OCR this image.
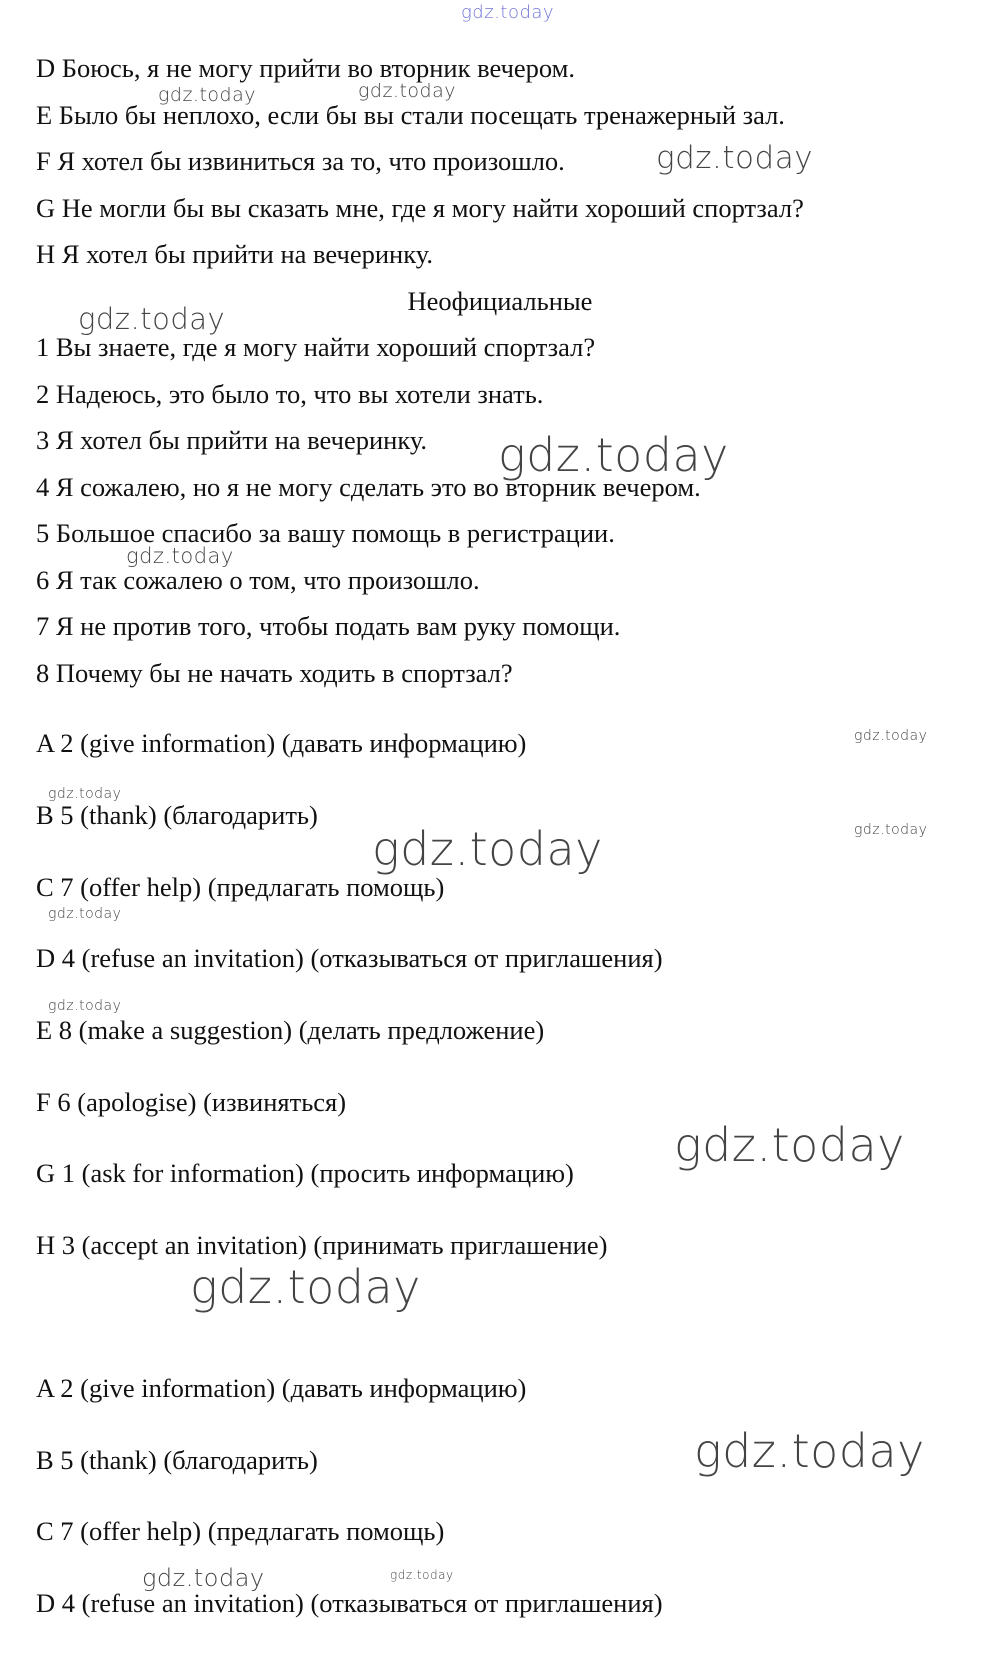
gdz.today
gdz.today	gdz.today
gdz.today
gdz.today
gdz.today
gdz.today
gdz.today
gdz.today
gdz.today
gdz.today
gdz.today
gdz.today
gdz.today
gdz.today
gdz.today
gdz.today	gdz.today

D Боюсь, я не могу прийти во вторник вечером.

E Было бы неплохо, если бы вы стали посещать тренажерный зал.

F Я хотел бы извиниться за то, что произошло.

G Не могли бы вы сказать мне, где я могу найти хороший спортзал?

H Я хотел бы прийти на вечеринку.

Неофициальные

1 Вы знаете, где я могу найти хороший спортзал?

2 Надеюсь, это было то, что вы хотели знать.

3 Я хотел бы прийти на вечеринку.

4 Я сожалею, но я не могу сделать это во вторник вечером.

5 Большое спасибо за вашу помощь в регистрации.

6 Я так сожалею о том, что произошло.

7 Я не против того, чтобы подать вам руку помощи.

8 Почему бы не начать ходить в спортзал?

A 2 (give information) (давать информацию)

B 5 (thank) (благодарить)

C 7 (offer help) (предлагать помощь)

D 4 (refuse an invitation) (отказываться от приглашения)

E 8 (make a suggestion) (делать предложение)

F 6 (apologise) (извиняться)

G 1 (ask for information) (просить информацию)

H 3 (accept an invitation) (принимать приглашение)

A 2 (give information) (давать информацию)

B 5 (thank) (благодарить)

C 7 (offer help) (предлагать помощь)

D 4 (refuse an invitation) (отказываться от приглашения)
